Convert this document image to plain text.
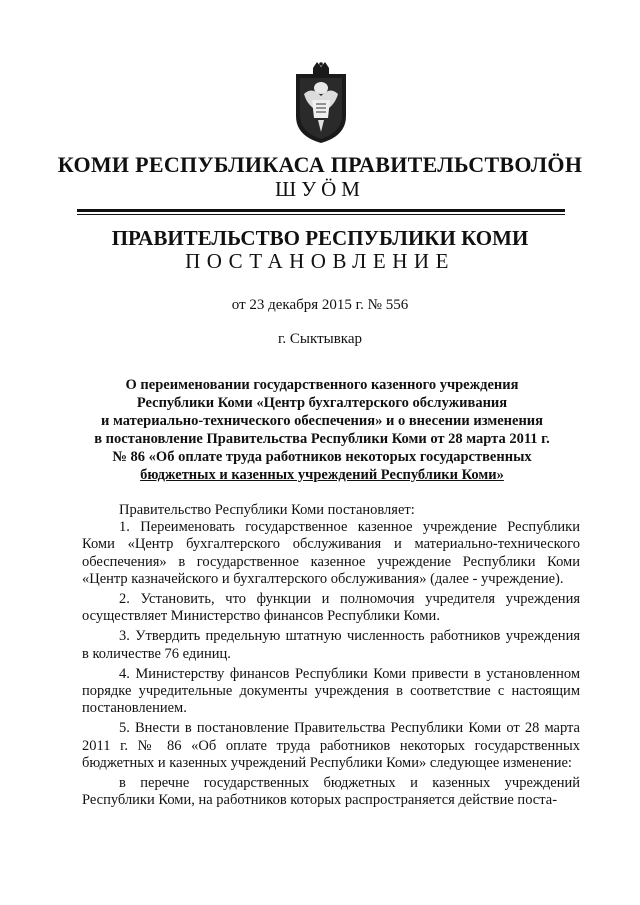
КОМИ РЕСПУБЛИКАСА ПРАВИТЕЛЬСТВОЛӦН
ШУӦМ
ПРАВИТЕЛЬСТВО РЕСПУБЛИКИ КОМИ
ПОСТАНОВЛЕНИЕ
от 23 декабря 2015 г. № 556
г. Сыктывкар
О переименовании государственного казенного учреждения
Республики Коми «Центр бухгалтерского обслуживания
и материально-технического обеспечения» и о внесении изменения
в постановление Правительства Республики Коми от 28 марта 2011 г.
№ 86 «Об оплате труда работников некоторых государственных
бюджетных и казенных учреждений Республики Коми»

Правительство Республики Коми постановляет:

1. Переименовать государственное казенное учреждение Республики Коми «Центр бухгалтерского обслуживания и материально-технического обеспечения» в государственное казенное учреждение Республики Коми «Центр казначейского и бухгалтерского обслуживания» (далее - учреждение).

2. Установить, что функции и полномочия учредителя учреждения осуществляет Министерство финансов Республики Коми.

3. Утвердить предельную штатную численность работников учреждения в количестве 76 единиц.

4. Министерству финансов Республики Коми привести в установленном порядке учредительные документы учреждения в соответствие с настоящим постановлением.

5. Внести в постановление Правительства Республики Коми от 28 марта 2011 г. № 86 «Об оплате труда работников некоторых государственных бюджетных и казенных учреждений Республики Коми» следующее изменение:

в перечне государственных бюджетных и казенных учреждений Республики Коми, на работников которых распространяется действие поста-
